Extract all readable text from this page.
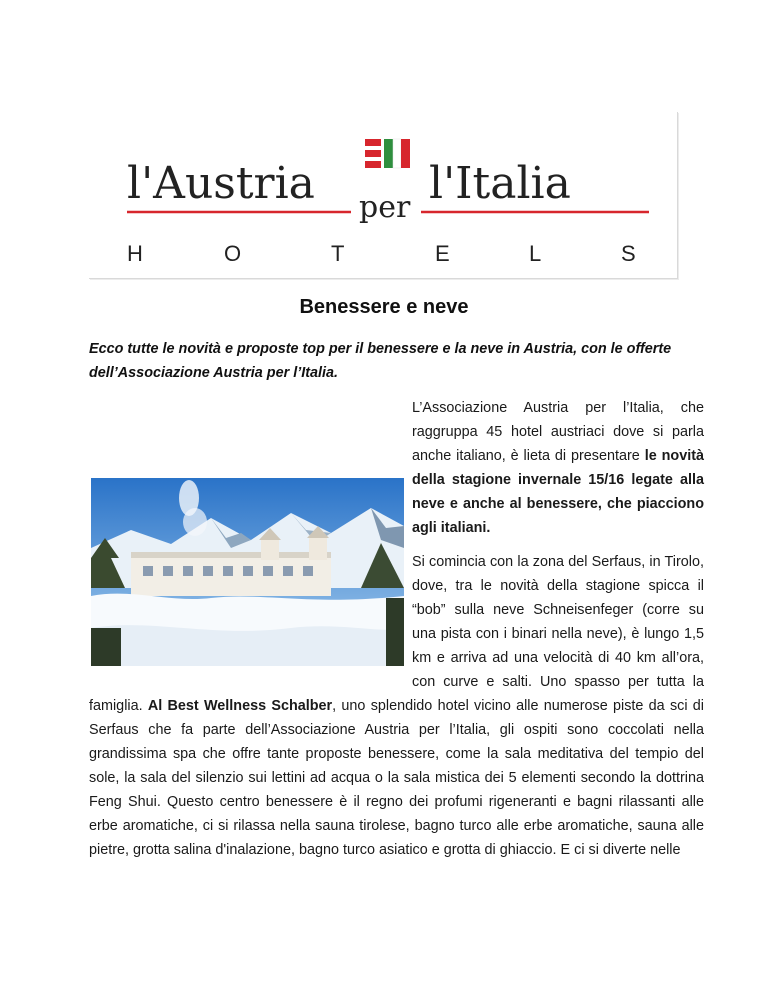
l'Austria per l'Italia
H	O	T	E	L	S
Benessere e neve
Ecco tutte le novità e proposte top per il benessere e la neve in Austria, con le offerte dell’Associazione Austria per l’Italia.

L’Associazione Austria per l’Italia, che raggruppa 45 hotel austriaci dove si parla anche italiano, è lieta di presentare le novità della stagione invernale 15/16 legate alla neve e anche al benessere, che piacciono agli italiani.

Si comincia con la zona del Serfaus, in Tirolo, dove, tra le novità della stagione spicca il “bob” sulla neve Schneisenfeger (corre su una pista con i binari nella neve), è lungo 1,5 km e arriva ad una velocità di 40 km all’ora, con curve e salti. Uno spasso per tutta la famiglia. Al Best Wellness Schalber, uno splendido hotel vicino alle numerose piste da sci di Serfaus che fa parte dell’Associazione Austria per l’Italia, gli ospiti sono coccolati nella grandissima spa che offre tante proposte benessere, come la sala meditativa del tempio del sole, la sala del silenzio sui lettini ad acqua o la sala mistica dei 5 elementi secondo la dottrina Feng Shui. Questo centro benessere è il regno dei profumi rigeneranti e bagni rilassanti alle erbe aromatiche, ci si rilassa nella sauna tirolese, bagno turco alle erbe aromatiche, sauna alle pietre, grotta salina d'inalazione, bagno turco asiatico e grotta di ghiaccio. E ci si diverte nelle
